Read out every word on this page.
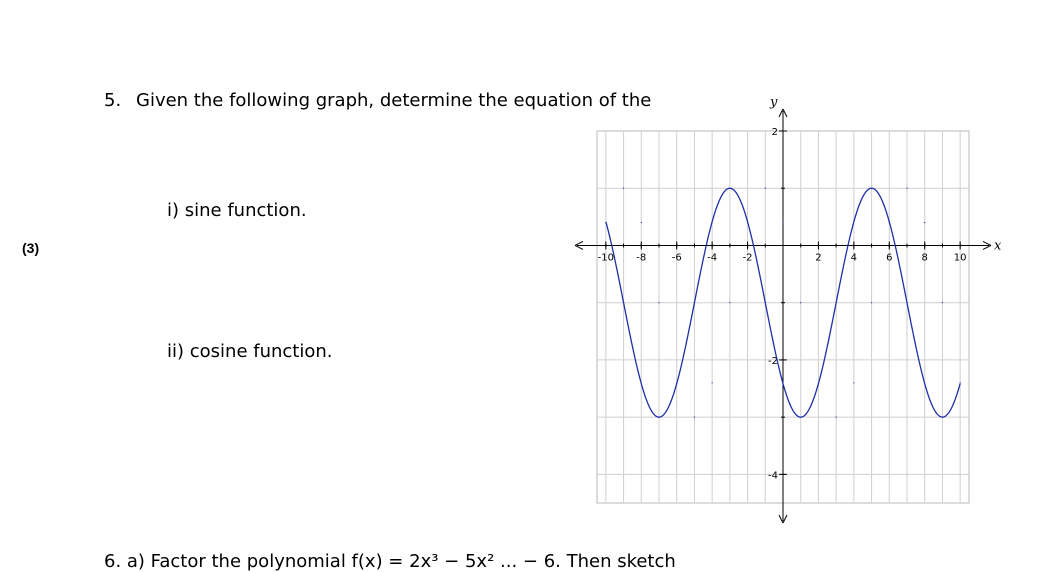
5. Given the following graph, determine the equation of the
i) sine function.
(3)
ii) cosine function.
6. a) Factor the polynomial f(x) = 2x³ − 5x² ... − 6. Then sketch
x
y
-10 -8	-6	-4	-2	2	4	6	8	10
2
-2
-4
